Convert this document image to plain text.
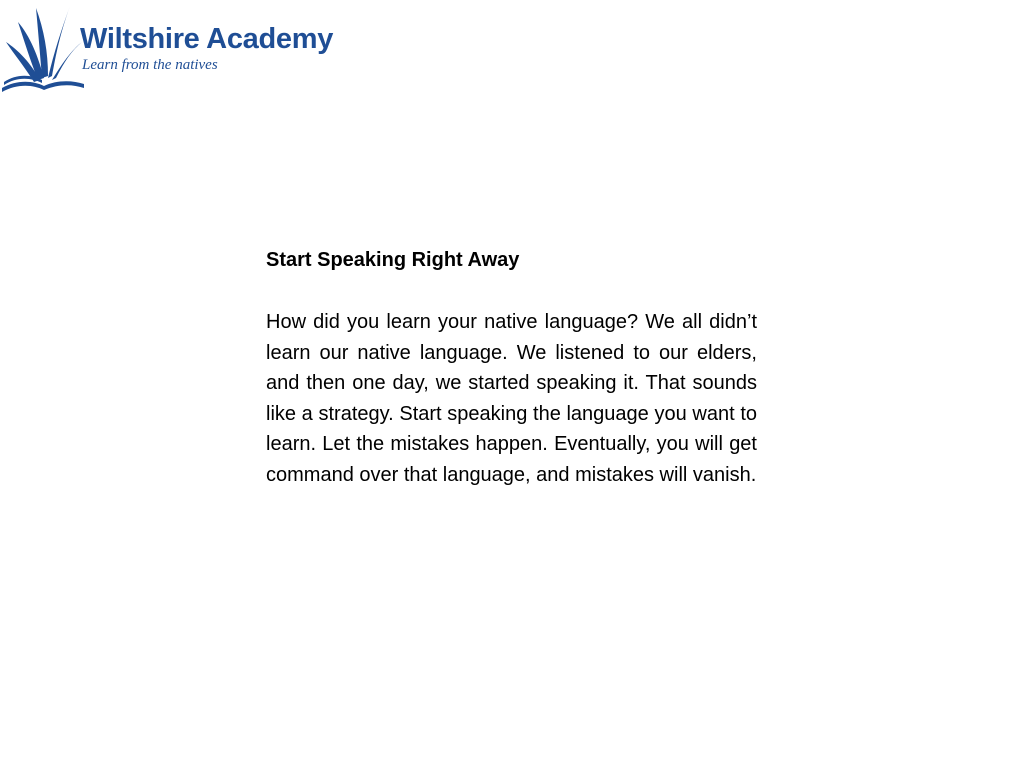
Wiltshire Academy
Learn from the natives

Start Speaking Right Away

How did you learn your native language? We all didn’t learn our native language. We listened to our elders, and then one day, we started speaking it. That sounds like a strategy. Start speaking the language you want to learn. Let the mistakes happen. Eventually, you will get command over that language, and mistakes will vanish.
